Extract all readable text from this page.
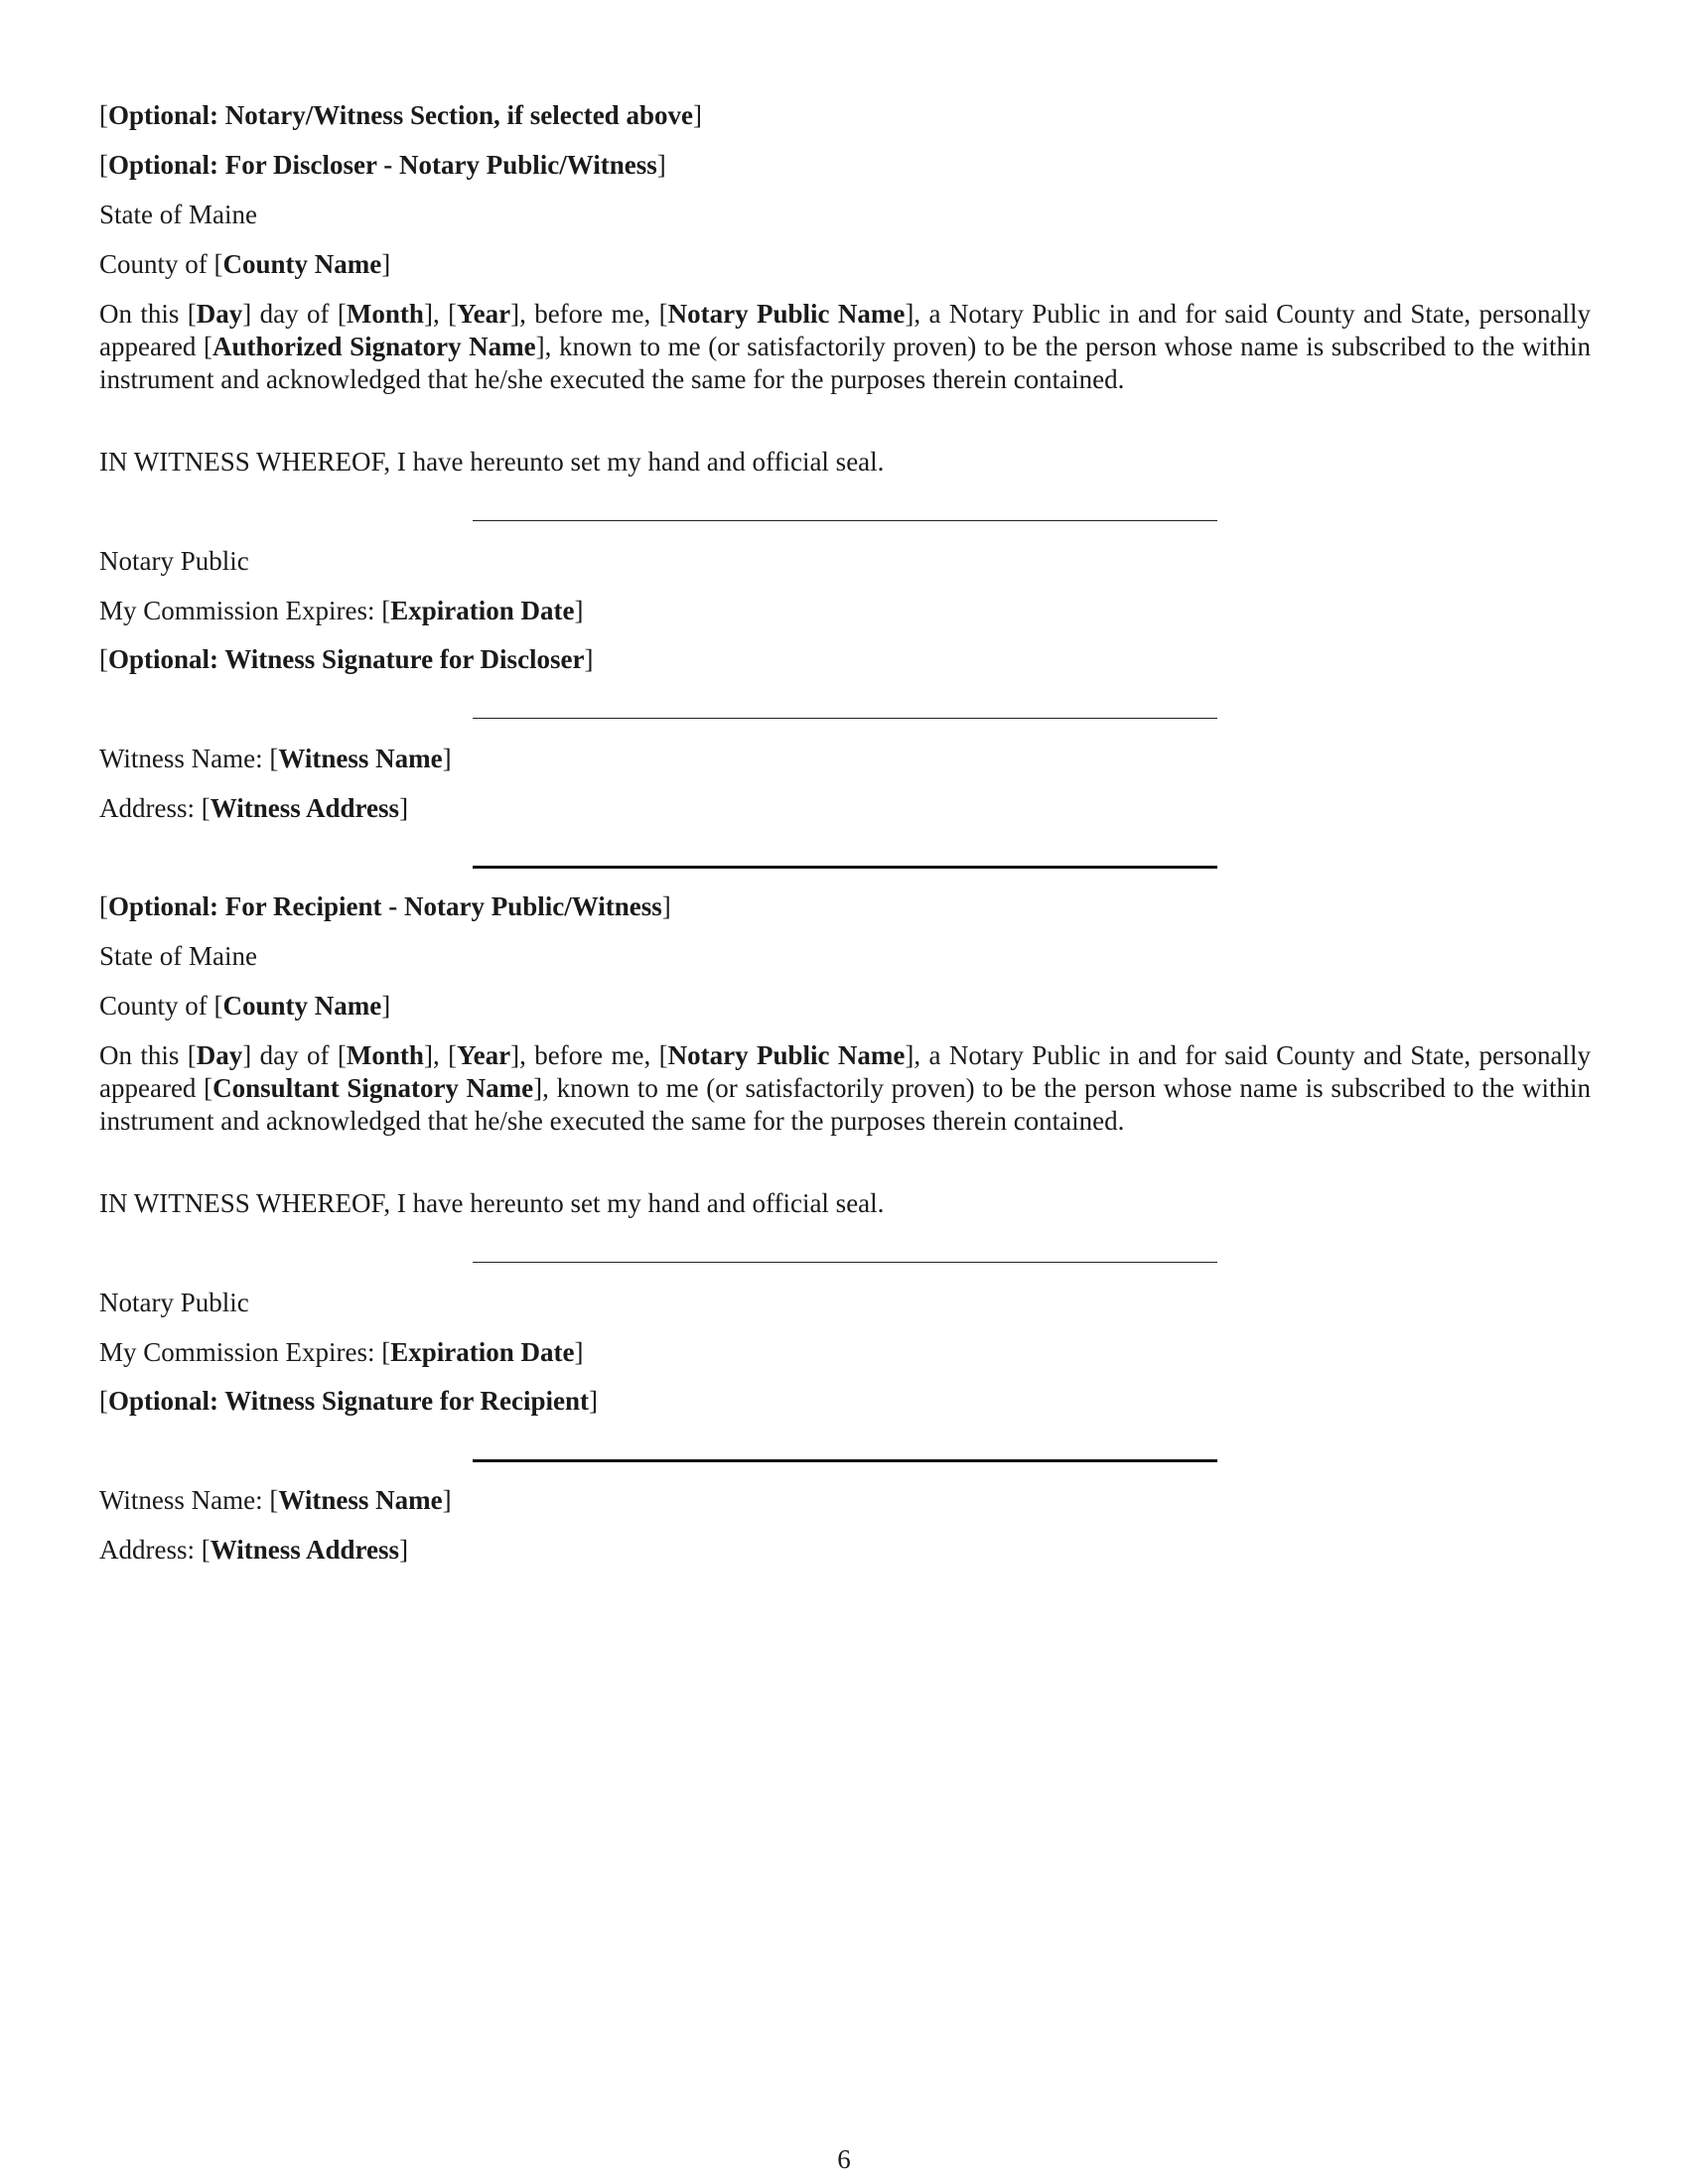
[Optional: Notary/Witness Section, if selected above]
[Optional: For Discloser - Notary Public/Witness]
State of Maine
County of [County Name]
On this [Day] day of [Month], [Year], before me, [Notary Public Name], a Notary Public in and for said County and State, personally appeared [Authorized Signatory Name], known to me (or satisfactorily proven) to be the person whose name is subscribed to the within instrument and acknowledged that he/she executed the same for the purposes therein contained.
IN WITNESS WHEREOF, I have hereunto set my hand and official seal.
Notary Public
My Commission Expires: [Expiration Date]
[Optional: Witness Signature for Discloser]
Witness Name: [Witness Name]
Address: [Witness Address]
[Optional: For Recipient - Notary Public/Witness]
State of Maine
County of [County Name]
On this [Day] day of [Month], [Year], before me, [Notary Public Name], a Notary Public in and for said County and State, personally appeared [Consultant Signatory Name], known to me (or satisfactorily proven) to be the person whose name is subscribed to the within instrument and acknowledged that he/she executed the same for the purposes therein contained.
IN WITNESS WHEREOF, I have hereunto set my hand and official seal.
Notary Public
My Commission Expires: [Expiration Date]
[Optional: Witness Signature for Recipient]
Witness Name: [Witness Name]
Address: [Witness Address]
6
